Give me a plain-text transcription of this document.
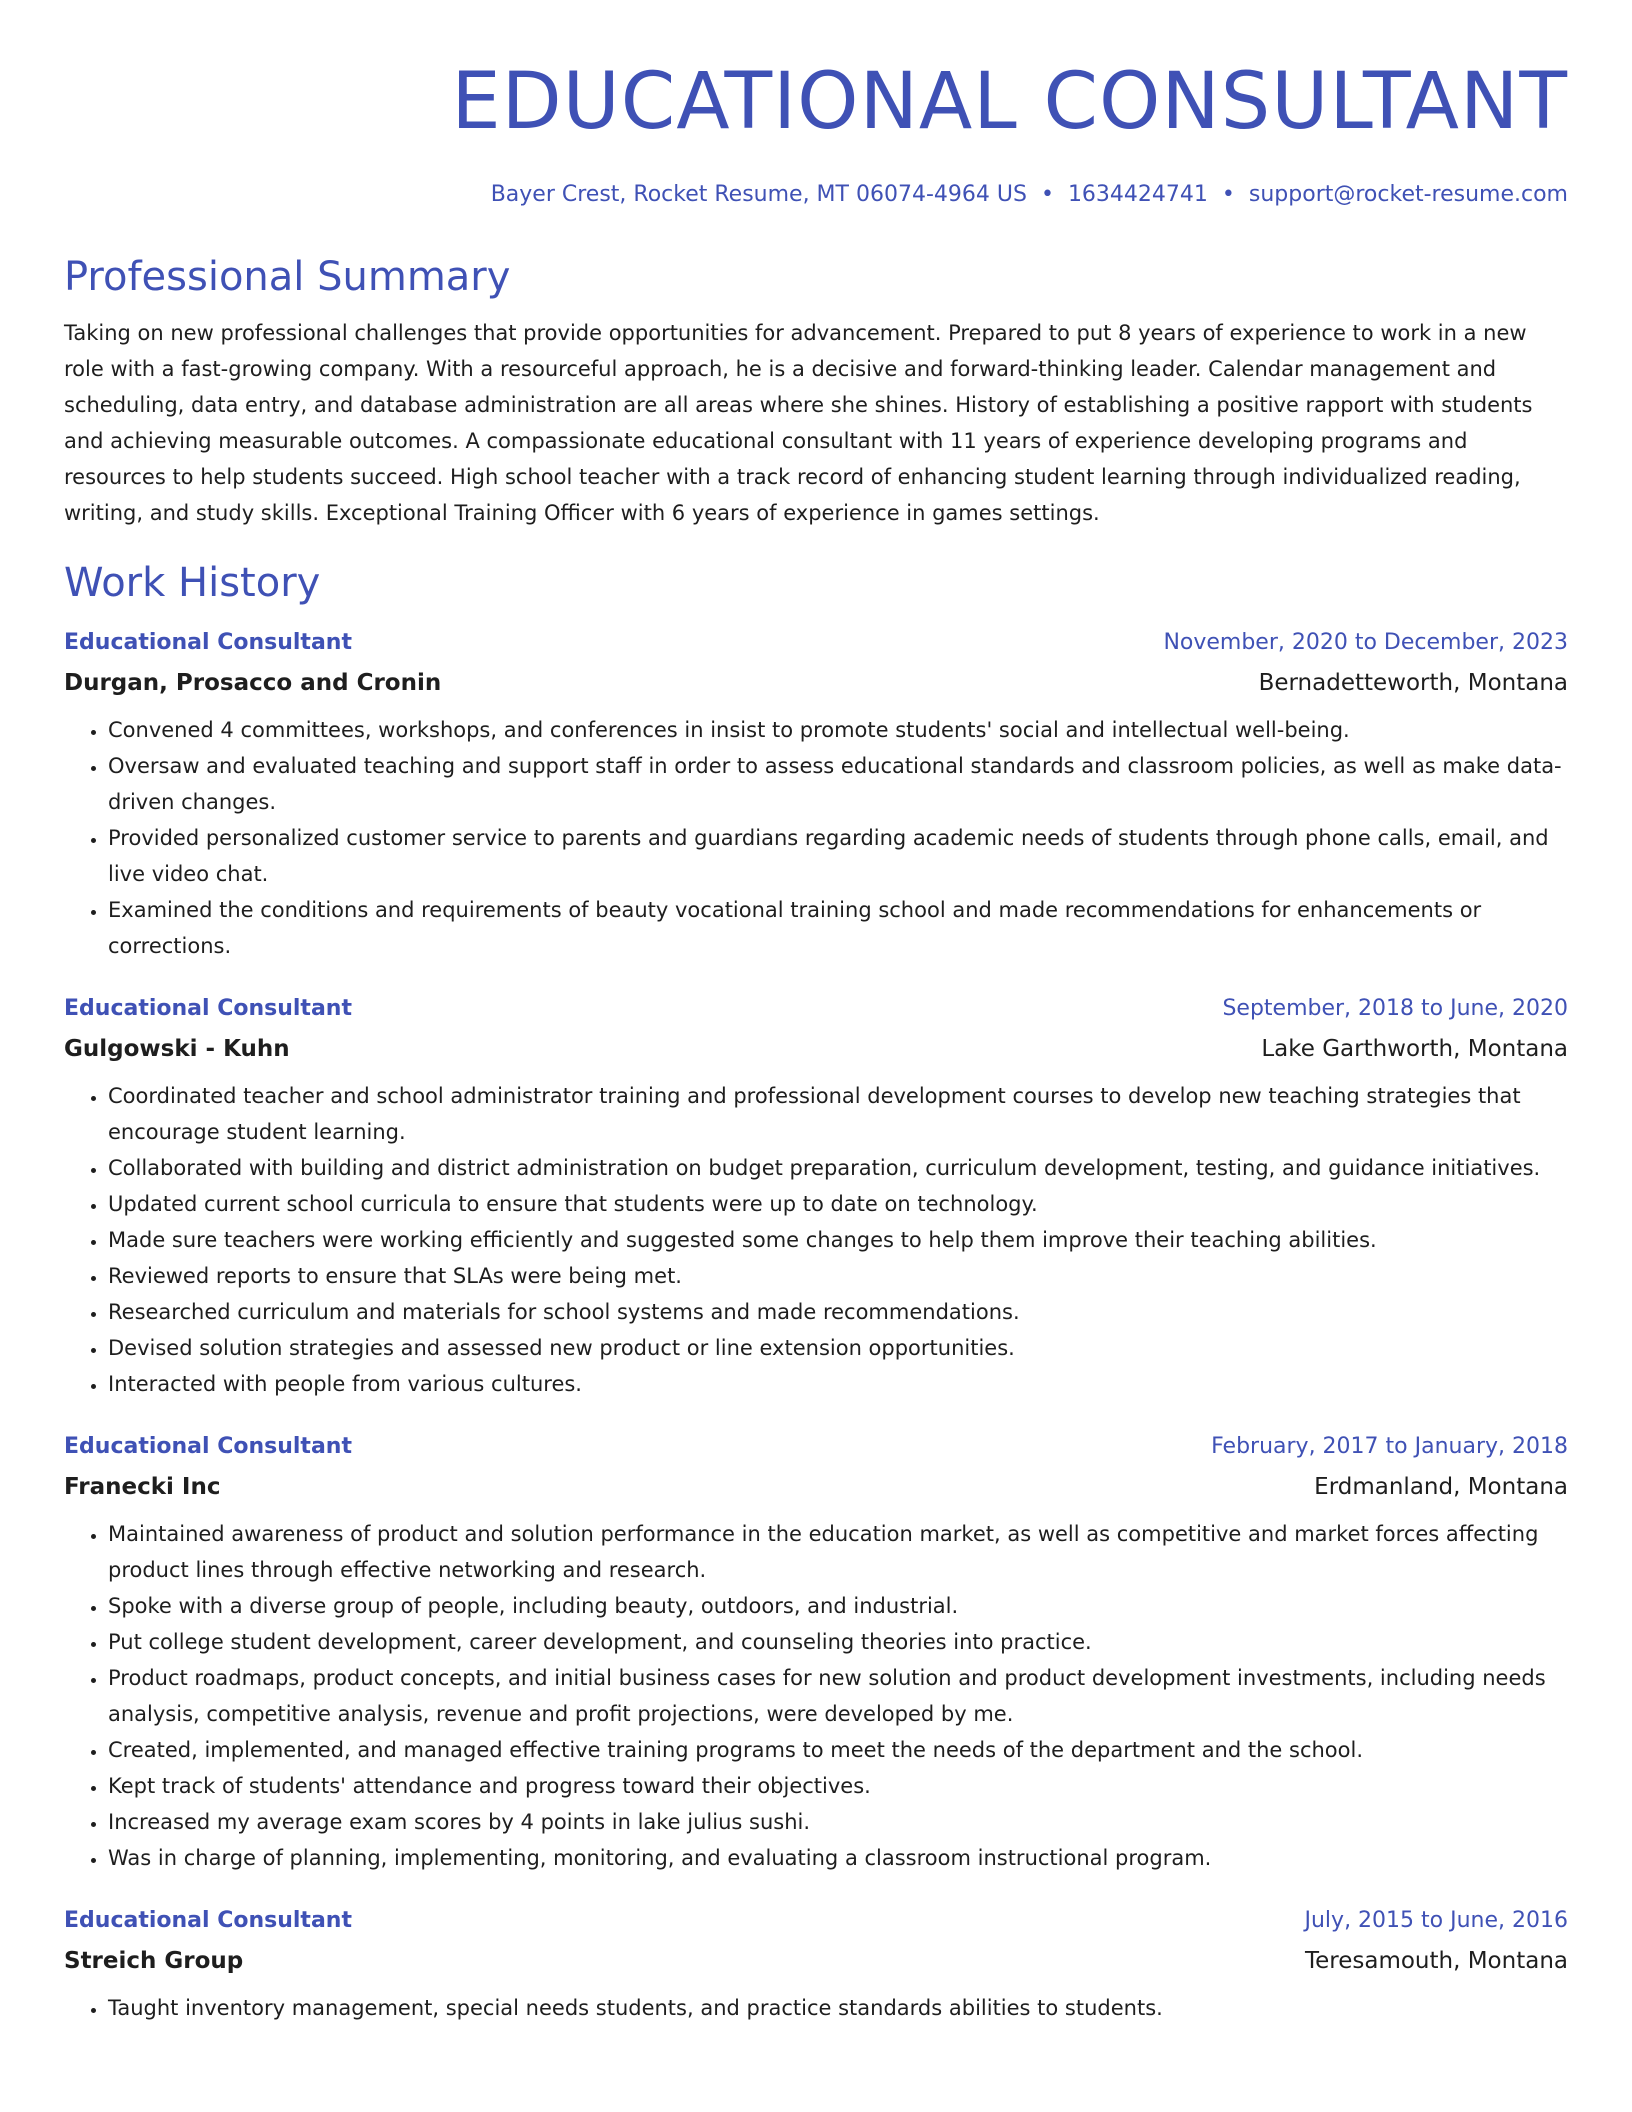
EDUCATIONAL CONSULTANT
Bayer Crest, Rocket Resume, MT 06074-4964 US • 1634424741 • support@rocket-resume.com
Professional Summary
Taking on new professional challenges that provide opportunities for advancement. Prepared to put 8 years of experience to work in a new role with a fast-growing company. With a resourceful approach, he is a decisive and forward-thinking leader. Calendar management and scheduling, data entry, and database administration are all areas where she shines. History of establishing a positive rapport with students and achieving measurable outcomes. A compassionate educational consultant with 11 years of experience developing programs and resources to help students succeed. High school teacher with a track record of enhancing student learning through individualized reading, writing, and study skills. Exceptional Training Officer with 6 years of experience in games settings.
Work History
Educational Consultant	November, 2020 to December, 2023
Durgan, Prosacco and Cronin	Bernadetteworth, Montana
• Convened 4 committees, workshops, and conferences in insist to promote students' social and intellectual well-being.
• Oversaw and evaluated teaching and support staff in order to assess educational standards and classroom policies, as well as make data-driven changes.
• Provided personalized customer service to parents and guardians regarding academic needs of students through phone calls, email, and live video chat.
• Examined the conditions and requirements of beauty vocational training school and made recommendations for enhancements or corrections.
Educational Consultant	September, 2018 to June, 2020
Gulgowski - Kuhn	Lake Garthworth, Montana
• Coordinated teacher and school administrator training and professional development courses to develop new teaching strategies that encourage student learning.
• Collaborated with building and district administration on budget preparation, curriculum development, testing, and guidance initiatives.
• Updated current school curricula to ensure that students were up to date on technology.
• Made sure teachers were working efficiently and suggested some changes to help them improve their teaching abilities.
• Reviewed reports to ensure that SLAs were being met.
• Researched curriculum and materials for school systems and made recommendations.
• Devised solution strategies and assessed new product or line extension opportunities.
• Interacted with people from various cultures.
Educational Consultant	February, 2017 to January, 2018
Franecki Inc	Erdmanland, Montana
• Maintained awareness of product and solution performance in the education market, as well as competitive and market forces affecting product lines through effective networking and research.
• Spoke with a diverse group of people, including beauty, outdoors, and industrial.
• Put college student development, career development, and counseling theories into practice.
• Product roadmaps, product concepts, and initial business cases for new solution and product development investments, including needs analysis, competitive analysis, revenue and profit projections, were developed by me.
• Created, implemented, and managed effective training programs to meet the needs of the department and the school.
• Kept track of students' attendance and progress toward their objectives.
• Increased my average exam scores by 4 points in lake julius sushi.
• Was in charge of planning, implementing, monitoring, and evaluating a classroom instructional program.
Educational Consultant	July, 2015 to June, 2016
Streich Group	Teresamouth, Montana
• Taught inventory management, special needs students, and practice standards abilities to students.
